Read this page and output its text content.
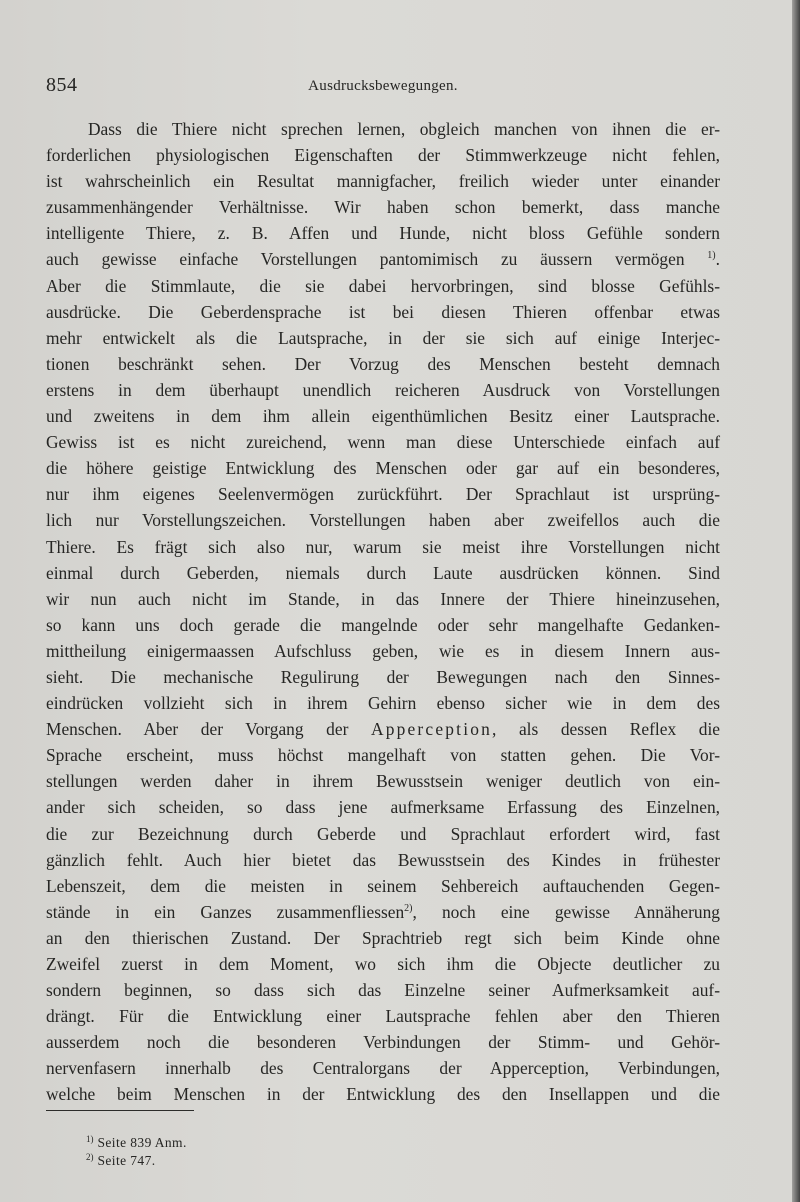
854	Ausdrucksbewegungen.
Dass die Thiere nicht sprechen lernen, obgleich manchen von ihnen die er-
forderlichen physiologischen Eigenschaften der Stimmwerkzeuge nicht fehlen,
ist wahrscheinlich ein Resultat mannigfacher, freilich wieder unter einander
zusammenhängender Verhältnisse. Wir haben schon bemerkt, dass manche
intelligente Thiere, z. B. Affen und Hunde, nicht bloss Gefühle sondern
auch gewisse einfache Vorstellungen pantomimisch zu äussern vermögen $^{1)}$.
Aber die Stimmlaute, die sie dabei hervorbringen, sind blosse Gefühls-
ausdrücke. Die Geberdensprache ist bei diesen Thieren offenbar etwas
mehr entwickelt als die Lautsprache, in der sie sich auf einige Interjec-
tionen beschränkt sehen. Der Vorzug des Menschen besteht demnach
erstens in dem überhaupt unendlich reicheren Ausdruck von Vorstellungen
und zweitens in dem ihm allein eigenthümlichen Besitz einer Lautsprache.
Gewiss ist es nicht zureichend, wenn man diese Unterschiede einfach auf
die höhere geistige Entwicklung des Menschen oder gar auf ein besonderes,
nur ihm eigenes Seelenvermögen zurückführt. Der Sprachlaut ist ursprüng-
lich nur Vorstellungszeichen. Vorstellungen haben aber zweifellos auch die
Thiere. Es frägt sich also nur, warum sie meist ihre Vorstellungen nicht
einmal durch Geberden, niemals durch Laute ausdrücken können. Sind
wir nun auch nicht im Stande, in das Innere der Thiere hineinzusehen,
so kann uns doch gerade die mangelnde oder sehr mangelhafte Gedanken-
mittheilung einigermaassen Aufschluss geben, wie es in diesem Innern aus-
sieht. Die mechanische Regulirung der Bewegungen nach den Sinnes-
eindrücken vollzieht sich in ihrem Gehirn ebenso sicher wie in dem des
Menschen. Aber der Vorgang der Apperception, als dessen Reflex die
Sprache erscheint, muss höchst mangelhaft von statten gehen. Die Vor-
stellungen werden daher in ihrem Bewusstsein weniger deutlich von ein-
ander sich scheiden, so dass jene aufmerksame Erfassung des Einzelnen,
die zur Bezeichnung durch Geberde und Sprachlaut erfordert wird, fast
gänzlich fehlt. Auch hier bietet das Bewusstsein des Kindes in frühester
Lebenszeit, dem die meisten in seinem Sehbereich auftauchenden Gegen-
stände in ein Ganzes zusammenfliessen$^{2)}$, noch eine gewisse Annäherung
an den thierischen Zustand. Der Sprachtrieb regt sich beim Kinde ohne
Zweifel zuerst in dem Moment, wo sich ihm die Objecte deutlicher zu
sondern beginnen, so dass sich das Einzelne seiner Aufmerksamkeit auf-
drängt. Für die Entwicklung einer Lautsprache fehlen aber den Thieren
ausserdem noch die besonderen Verbindungen der Stimm- und Gehör-
nervenfasern innerhalb des Centralorgans der Apperception, Verbindungen,
welche beim Menschen in der Entwicklung des den Insellappen und die
$^{1)}$ Seite 839 Anm.
$^{2)}$ Seite 747.
